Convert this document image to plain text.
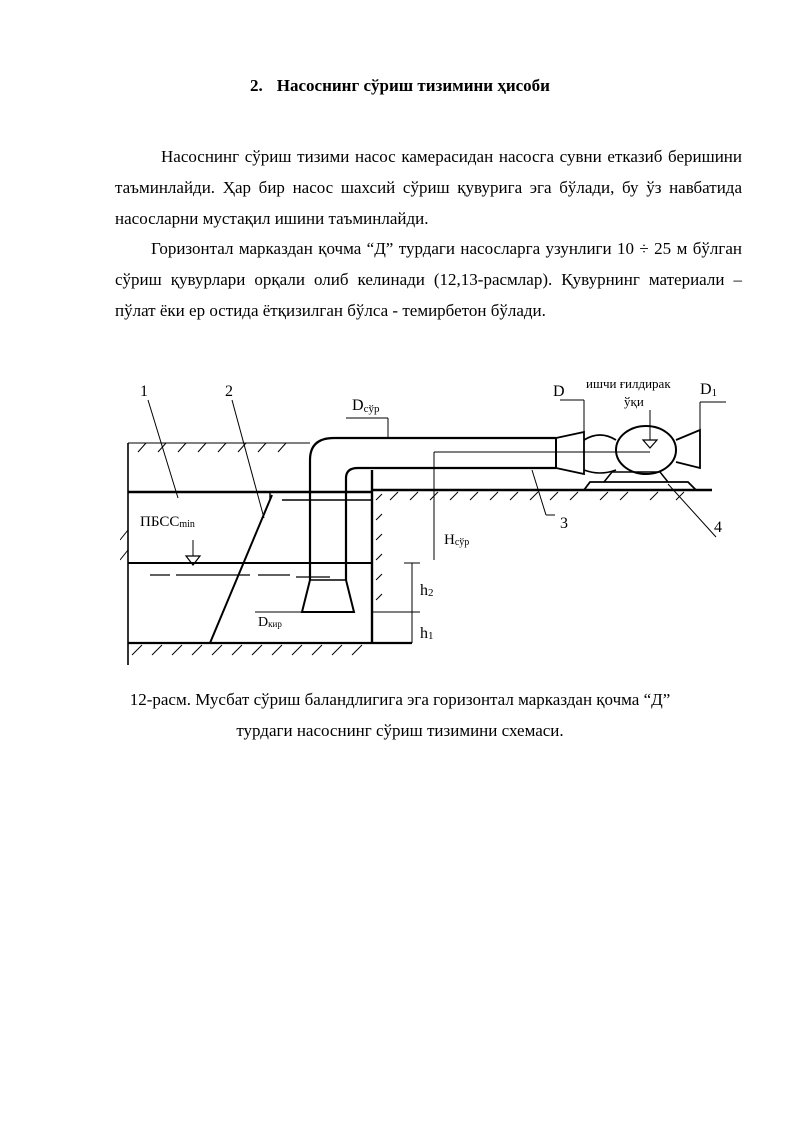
2. Насоснинг сўриш тизимини ҳисоби
Насоснинг сўриш тизими насос камерасидан насосга сувни етказиб беришини таъминлайди. Ҳар бир насос шахсий сўриш қувурига эга бўлади, бу ўз навбатида насосларни мустақил ишини таъминлайди.
Горизонтал марказдан қочма “Д” турдаги насосларга узунлиги 10 ÷ 25 м бўлган сўриш қувурлари орқали олиб келинади (12,13-расмлар). Қувурнинг материали – пўлат ёки ер остида ётқизилган бўлса - темирбетон бўлади.
1	2
3	4
Dсўр
D	D1
ишчи ғилдирак
ўқи
ПБССmin
Нсўр
h2
h1
Dкир
12-расм. Мусбат сўриш баландлигига эга горизонтал марказдан қочма “Д”
турдаги насоснинг сўриш тизимини схемаси.
